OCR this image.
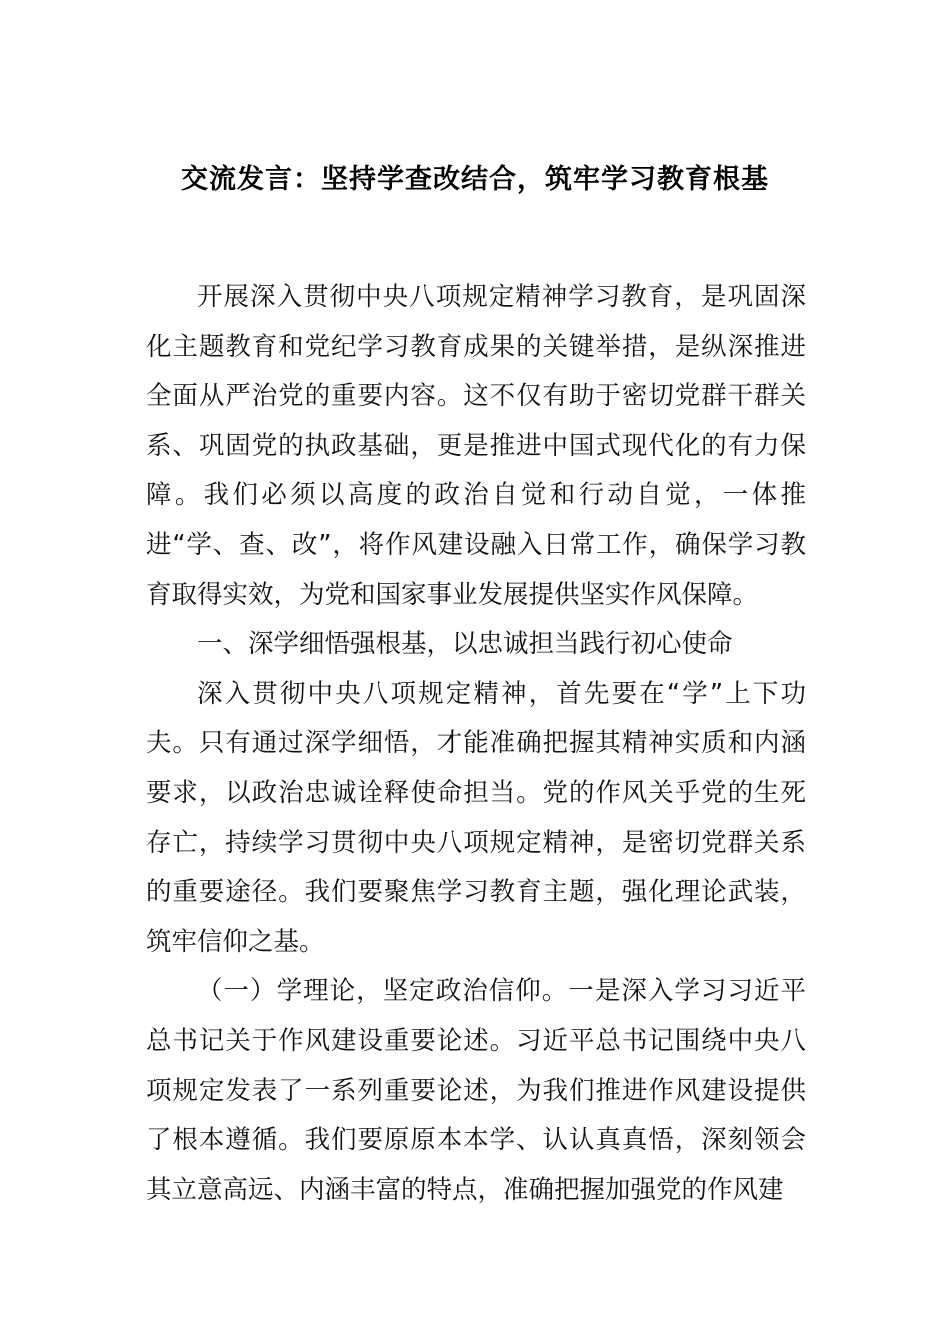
交流发言：坚持学查改结合，筑牢学习教育根基

开展深入贯彻中央八项规定精神学习教育，是巩固深化主题教育和党纪学习教育成果的关键举措，是纵深推进全面从严治党的重要内容。这不仅有助于密切党群干群关系、巩固党的执政基础，更是推进中国式现代化的有力保障。我们必须以高度的政治自觉和行动自觉，一体推进“学、查、改”，将作风建设融入日常工作，确保学习教育取得实效，为党和国家事业发展提供坚实作风保障。

一、深学细悟强根基，以忠诚担当践行初心使命

深入贯彻中央八项规定精神，首先要在“学”上下功夫。只有通过深学细悟，才能准确把握其精神实质和内涵要求，以政治忠诚诠释使命担当。党的作风关乎党的生死存亡，持续学习贯彻中央八项规定精神，是密切党群关系的重要途径。我们要聚焦学习教育主题，强化理论武装，筑牢信仰之基。

（一）学理论，坚定政治信仰。一是深入学习习近平总书记关于作风建设重要论述。习近平总书记围绕中央八项规定发表了一系列重要论述，为我们推进作风建设提供了根本遵循。我们要原原本本学、认认真真悟，深刻领会其立意高远、内涵丰富的特点，准确把握加强党的作风建
